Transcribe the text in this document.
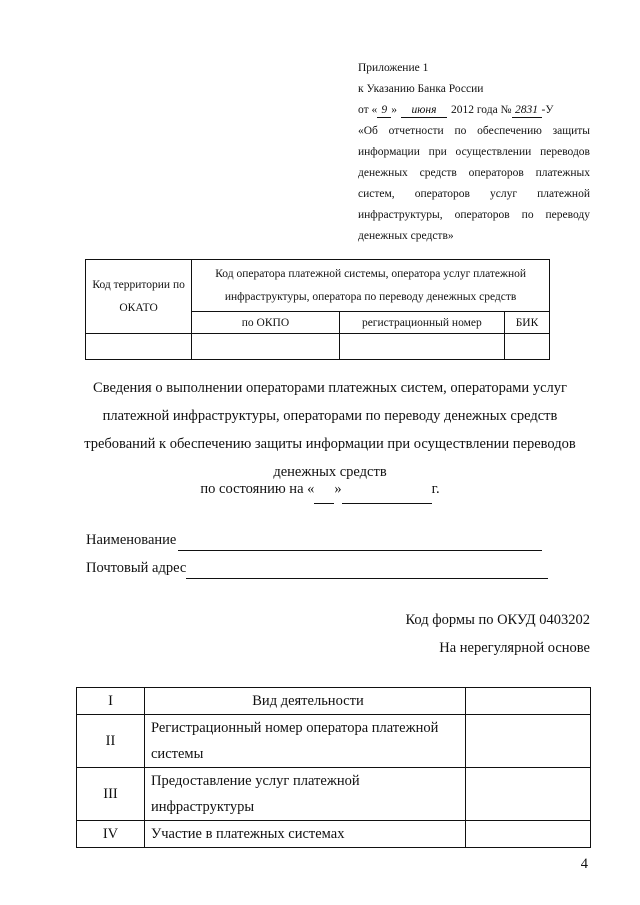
Приложение 1
к Указанию Банка России
от « 9 » июня 2012 года № 2831 -У
«Об отчетности по обеспечению защиты
информации при осуществлении переводов
денежных средств операторов платежных
систем, операторов услуг платежной
инфраструктуры, операторов по переводу
денежных средств»
Код территории по ОКАТО	Код оператора платежной системы, оператора услуг платежной
инфраструктуры, оператора по переводу денежных средств		

	по ОКПО	регистрационный номер	БИК

Сведения о выполнении операторами платежных систем, операторами услуг
платежной инфраструктуры, операторами по переводу денежных средств
требований к обеспечению защиты информации при осуществлении переводов
денежных средств
по состоянию на « »	г.
Наименование
Почтовый адрес
Код формы по ОКУД 0403202
На нерегулярной основе
I	Вид деятельности	
II	Регистрационный номер оператора платежной
системы	

III	Предоставление услуг платежной
инфраструктуры	

IV	Участие в платежных системах	
4
